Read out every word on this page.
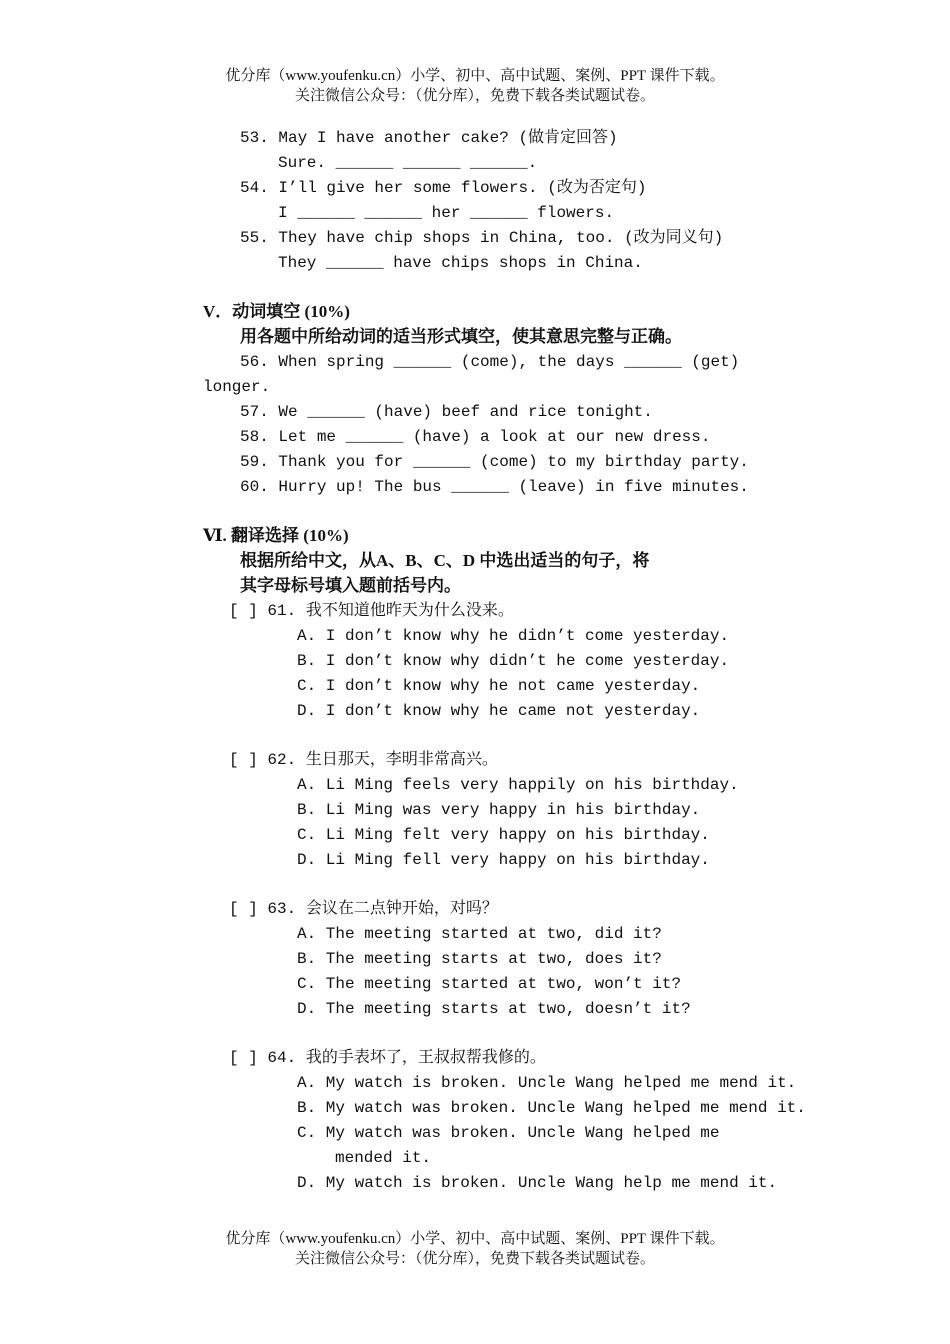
优分库（www.youfenku.cn）小学、初中、高中试题、案例、PPT 课件下载。
关注微信公众号：（优分库），免费下载各类试题试卷。
53. May I have another cake? (做肯定回答)
Sure. ______ ______ ______.
54. I’ll give her some flowers. (改为否定句)
I ______ ______ her ______ flowers.
55. They have chip shops in China, too. (改为同义句)
They ______ have chips shops in China.
V．动词填空 (10%)
用各题中所给动词的适当形式填空，使其意思完整与正确。
56. When spring ______ (come), the days ______ (get)
longer.
57. We ______ (have) beef and rice tonight.
58. Let me ______ (have) a look at our new dress.
59. Thank you for ______ (come) to my birthday party.
60. Hurry up! The bus ______ (leave) in five minutes.
Ⅵ. 翻译选择 (10%)
根据所给中文，从A、B、C、D 中选出适当的句子，将
其字母标号填入题前括号内。
[ ] 61. 我不知道他昨天为什么没来。
A. I don’t know why he didn’t come yesterday.
B. I don’t know why didn’t he come yesterday.
C. I don’t know why he not came yesterday.
D. I don’t know why he came not yesterday.
[ ] 62. 生日那天，李明非常高兴。
A. Li Ming feels very happily on his birthday.
B. Li Ming was very happy in his birthday.
C. Li Ming felt very happy on his birthday.
D. Li Ming fell very happy on his birthday.
[ ] 63. 会议在二点钟开始，对吗？
A. The meeting started at two, did it?
B. The meeting starts at two, does it?
C. The meeting started at two, won’t it?
D. The meeting starts at two, doesn’t it?
[ ] 64. 我的手表坏了，王叔叔帮我修的。
A. My watch is broken. Uncle Wang helped me mend it.
B. My watch was broken. Uncle Wang helped me mend it.
C. My watch was broken. Uncle Wang helped me
mended it.
D. My watch is broken. Uncle Wang help me mend it.
优分库（www.youfenku.cn）小学、初中、高中试题、案例、PPT 课件下载。
关注微信公众号：（优分库），免费下载各类试题试卷。
